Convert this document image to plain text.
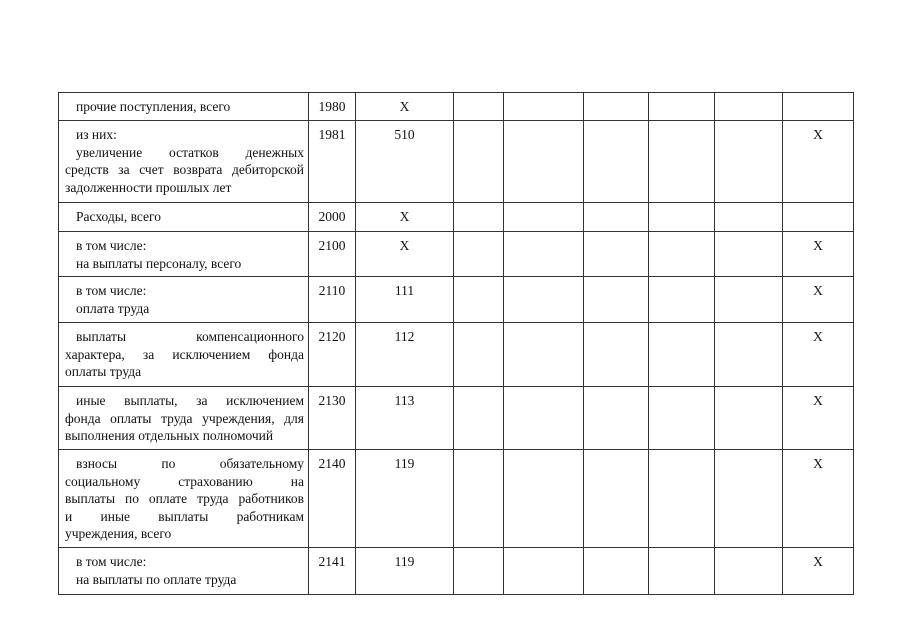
прочие поступления, всего	1980	X						

из них:
увеличение остатков денежных
средств за счет возврата дебиторской
задолженности прошлых лет	1981	510						X

Расходы, всего	2000	X						

в том числе:
на выплаты персоналу, всего	2100	X						X

в том числе:
оплата труда	2110	111						X

выплаты компенсационного
характера, за исключением фонда
оплаты труда	2120	112						X

иные выплаты, за исключением
фонда оплаты труда учреждения, для
выполнения отдельных полномочий	2130	113						X

взносы по обязательному
социальному страхованию на
выплаты по оплате труда работников
и иные выплаты работникам
учреждения, всего	2140	119						X

в том числе:
на выплаты по оплате труда	2141	119						X
